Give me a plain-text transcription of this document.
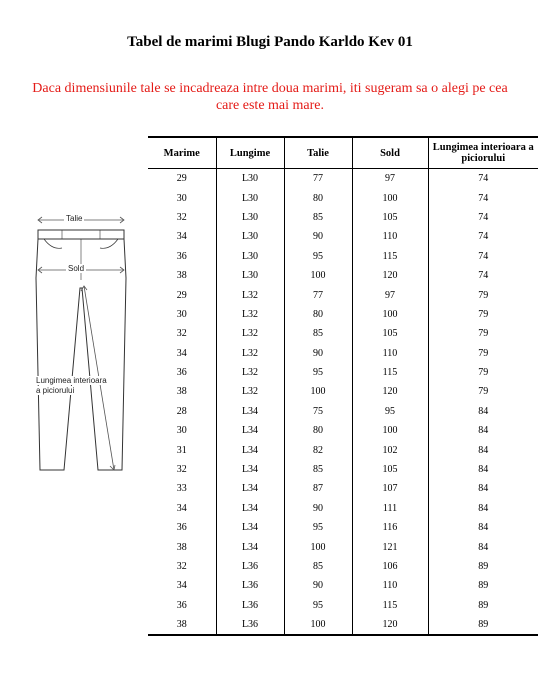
Tabel de marimi Blugi Pando Karldo Kev 01
Daca dimensiunile tale se incadreaza intre doua marimi, iti sugeram sa o alegi pe cea care este mai mare.
Talie
Sold
Lungimea interioara
a piciorului
Marime	Lungime	Talie	Sold	Lungimea interioara a piciorului
29	L30	77	97	74
30	L30	80	100	74
32	L30	85	105	74
34	L30	90	110	74
36	L30	95	115	74
38	L30	100	120	74
29	L32	77	97	79
30	L32	80	100	79
32	L32	85	105	79
34	L32	90	110	79
36	L32	95	115	79
38	L32	100	120	79
28	L34	75	95	84
30	L34	80	100	84
31	L34	82	102	84
32	L34	85	105	84
33	L34	87	107	84
34	L34	90	111	84
36	L34	95	116	84
38	L34	100	121	84
32	L36	85	106	89
34	L36	90	110	89
36	L36	95	115	89
38	L36	100	120	89
